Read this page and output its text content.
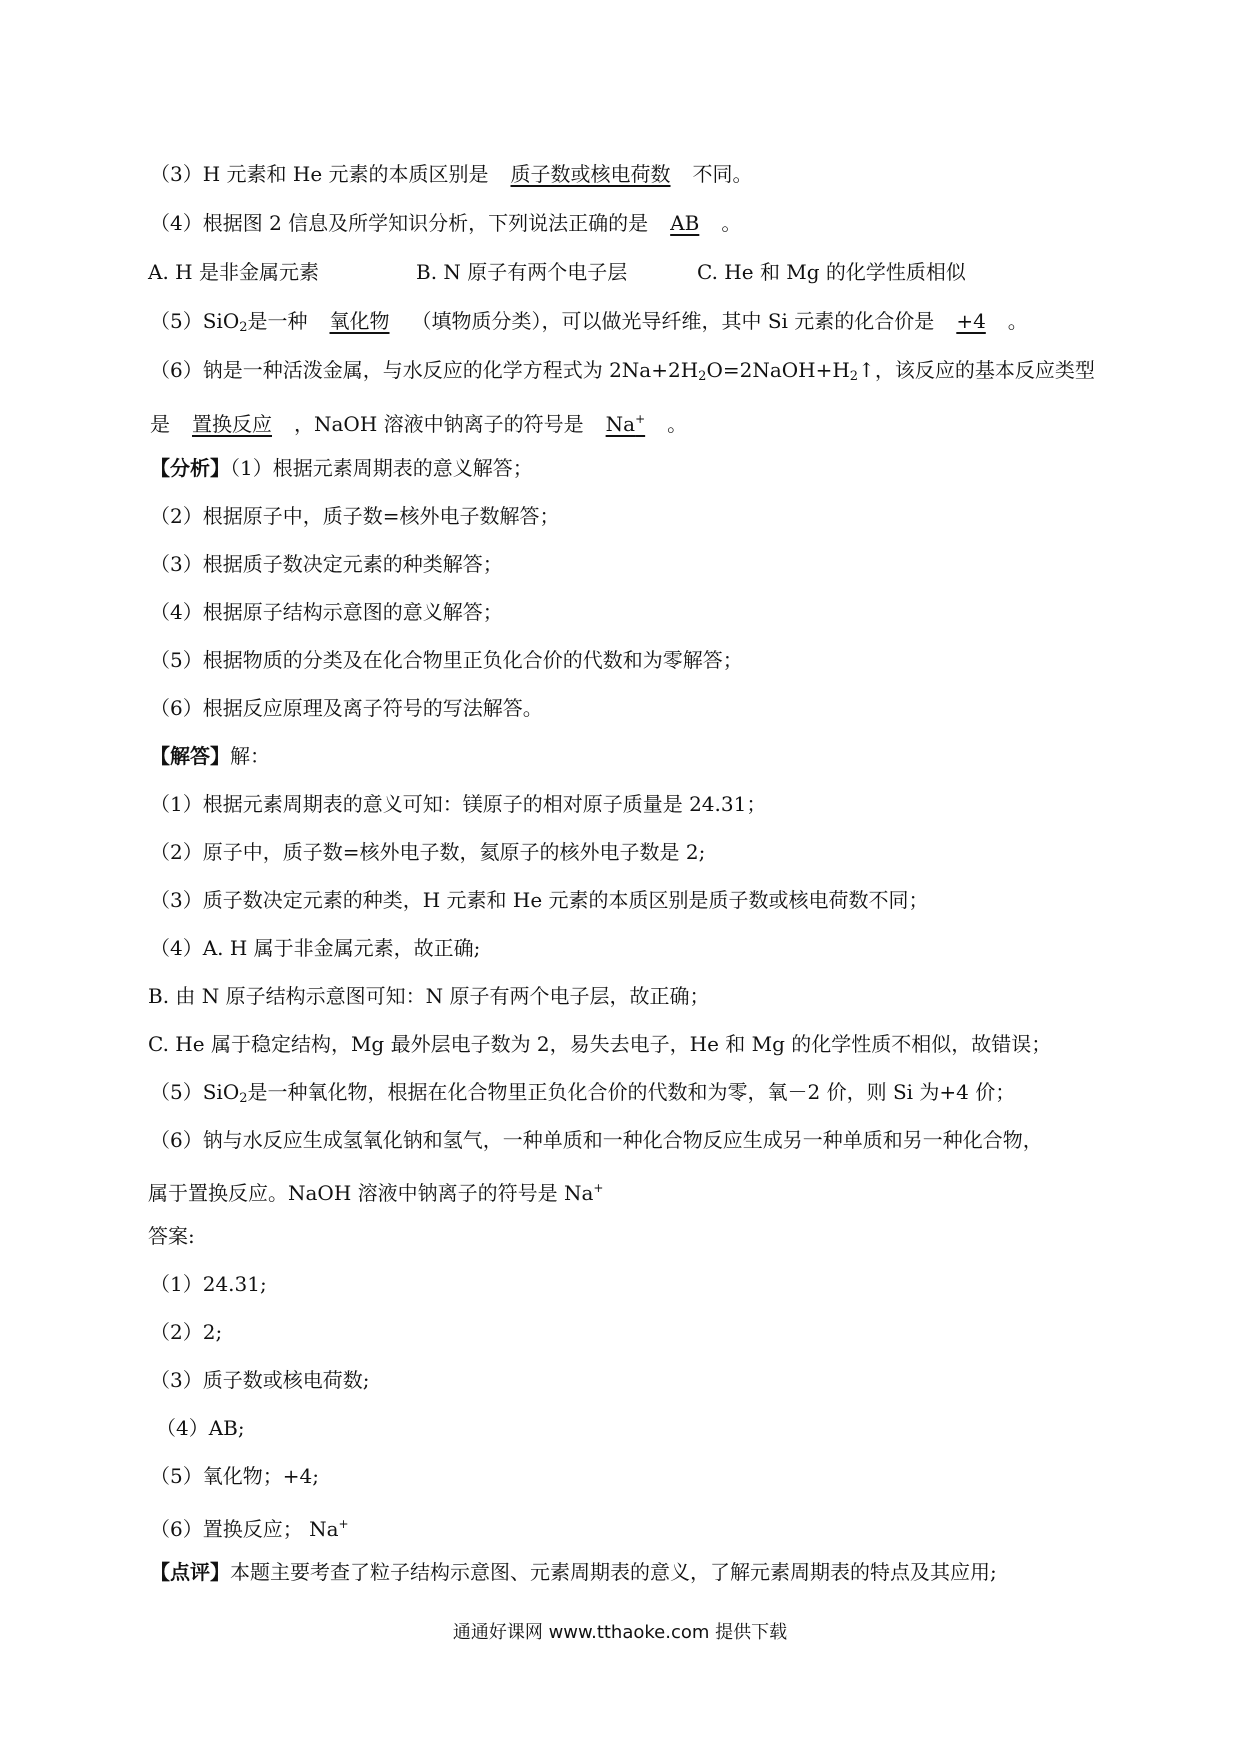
（3）H 元素和 He 元素的本质区别是 质子数或核电荷数 不同。
（4）根据图 2 信息及所学知识分析，下列说法正确的是 AB 。
A. H 是非金属元素	B. N 原子有两个电子层	C. He 和 Mg 的化学性质相似
（5）SiO$_2$是一种 氧化物 （填物质分类），可以做光导纤维，其中 Si 元素的化合价是 +4 。
（6）钠是一种活泼金属，与水反应的化学方程式为 $2Na+2H_2O=2NaOH+H_2↑$，该反应的基本反应类型
是 置换反应 ，NaOH 溶液中钠离子的符号是 Na+ 。
【分析】（1）根据元素周期表的意义解答；
（2）根据原子中，质子数=核外电子数解答；
（3）根据质子数决定元素的种类解答；
（4）根据原子结构示意图的意义解答；
（5）根据物质的分类及在化合物里正负化合价的代数和为零解答；
（6）根据反应原理及离子符号的写法解答。
【解答】解：
（1）根据元素周期表的意义可知：镁原子的相对原子质量是 24.31；
（2）原子中，质子数=核外电子数，氦原子的核外电子数是 2;
（3）质子数决定元素的种类，H 元素和 He 元素的本质区别是质子数或核电荷数不同；
（4）A. H 属于非金属元素，故正确;
B. 由 N 原子结构示意图可知：N 原子有两个电子层，故正确；
C. He 属于稳定结构，Mg 最外层电子数为 2，易失去电子，He 和 Mg 的化学性质不相似，故错误；
（5）SiO$_2$是一种氧化物，根据在化合物里正负化合价的代数和为零，氧－2 价，则 Si 为+4 价；
（6）钠与水反应生成氢氧化钠和氢气，一种单质和一种化合物反应生成另一种单质和另一种化合物，
属于置换反应。NaOH 溶液中钠离子的符号是 Na+
答案:
（1）24.31;
（2）2;
（3）质子数或核电荷数;
（4）AB;
（5）氧化物；+4;
（6）置换反应； Na+
【点评】本题主要考查了粒子结构示意图、元素周期表的意义，了解元素周期表的特点及其应用;
通通好课网 www.tthaoke.com 提供下载
